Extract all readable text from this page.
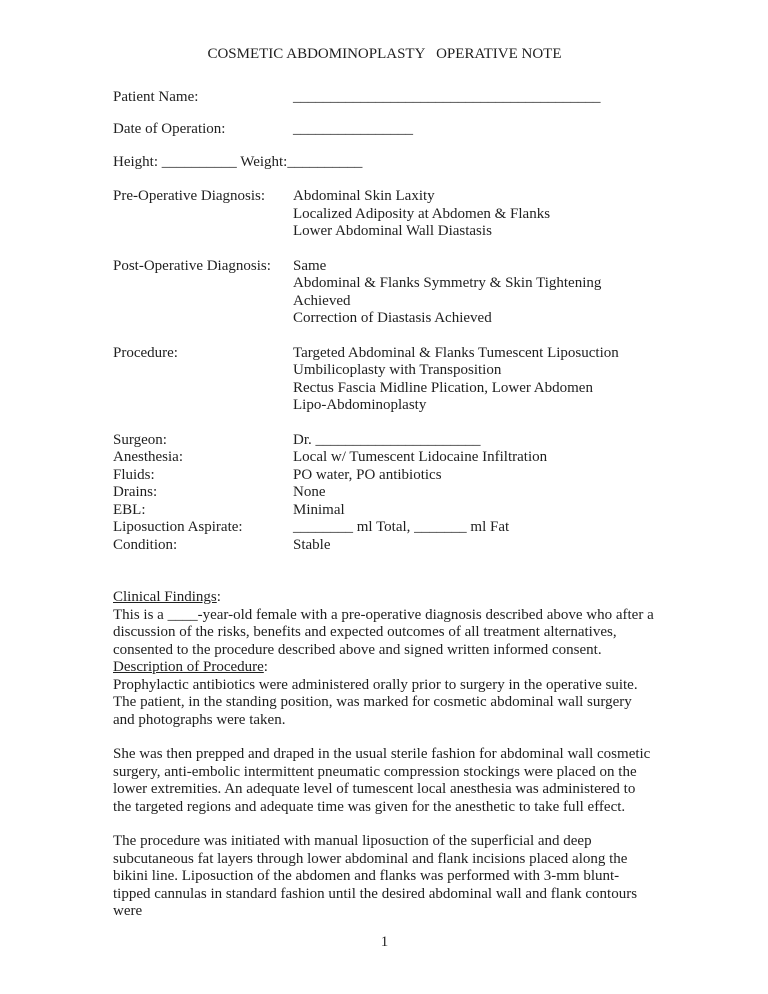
COSMETIC ABDOMINOPLASTY   OPERATIVE NOTE
Patient Name:	_________________________________________
Date of Operation:	________________
Height: __________ Weight:__________
Pre-Operative Diagnosis:	Abdominal Skin Laxity
Localized Adiposity at Abdomen & Flanks
Lower Abdominal Wall Diastasis
Post-Operative Diagnosis:	Same
Abdominal & Flanks Symmetry & Skin Tightening Achieved
Correction of Diastasis Achieved
Procedure:	Targeted Abdominal & Flanks Tumescent Liposuction
Umbilicoplasty with Transposition
Rectus Fascia Midline Plication, Lower Abdomen
Lipo-Abdominoplasty
Surgeon:	Dr. ______________________
Anesthesia:	Local w/ Tumescent Lidocaine Infiltration
Fluids:	PO water, PO antibiotics
Drains:	None
EBL:	Minimal
Liposuction Aspirate:	________ ml Total, _______ ml Fat
Condition:	Stable
Clinical Findings:

This is a ____-year-old female with a pre-operative diagnosis described above who after a discussion of the risks, benefits and expected outcomes of all treatment alternatives, consented to the procedure described above and signed written informed consent.

Description of Procedure:

Prophylactic antibiotics were administered orally prior to surgery in the operative suite. The patient, in the standing position, was marked for cosmetic abdominal wall surgery and photographs were taken.

She was then prepped and draped in the usual sterile fashion for abdominal wall cosmetic surgery, anti-embolic intermittent pneumatic compression stockings were placed on the lower extremities. An adequate level of tumescent local anesthesia was administered to the targeted regions and adequate time was given for the anesthetic to take full effect.

The procedure was initiated with manual liposuction of the superficial and deep subcutaneous fat layers through lower abdominal and flank incisions placed along the bikini line. Liposuction of the abdomen and flanks was performed with 3-mm blunt-tipped cannulas in standard fashion until the desired abdominal wall and flank contours were

1
